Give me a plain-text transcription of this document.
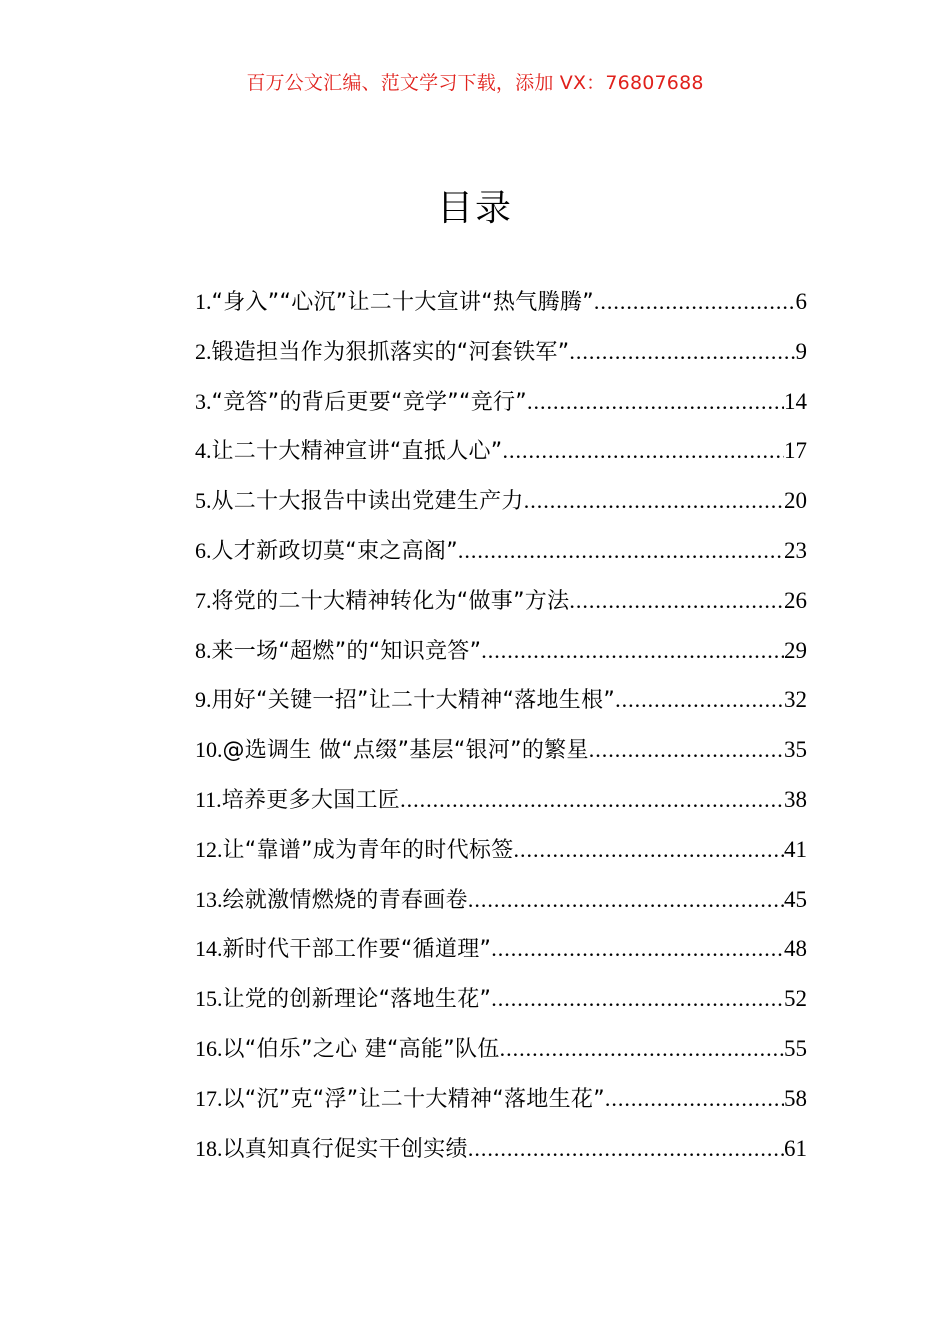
百万公文汇编、范文学习下载，添加 VX：76807688
目录
1. “身入”“心沉”让二十大宣讲“热气腾腾” .....	6
2. 锻造担当作为狠抓落实的“河套铁军” .....	9
3. “竞答”的背后更要“竞学”“竞行” .....	14
4. 让二十大精神宣讲“直抵人心” .....	17
5. 从二十大报告中读出党建生产力 .....	20
6. 人才新政切莫“束之高阁” .....	23
7. 将党的二十大精神转化为“做事”方法 .....	26
8. 来一场“超燃”的“知识竞答” .....	29
9. 用好“关键一招”让二十大精神“落地生根” .....	32
10. @选调生 做“点缀”基层“银河”的繁星 .....	35
11. 培养更多大国工匠 .....	38
12. 让“靠谱”成为青年的时代标签 .....	41
13. 绘就激情燃烧的青春画卷 .....	45
14. 新时代干部工作要“循道理” .....	48
15. 让党的创新理论“落地生花” .....	52
16. 以“伯乐”之心 建“高能”队伍 .....	55
17. 以“沉”克“浮”让二十大精神“落地生花” .....	58
18. 以真知真行促实干创实绩 .....	61
